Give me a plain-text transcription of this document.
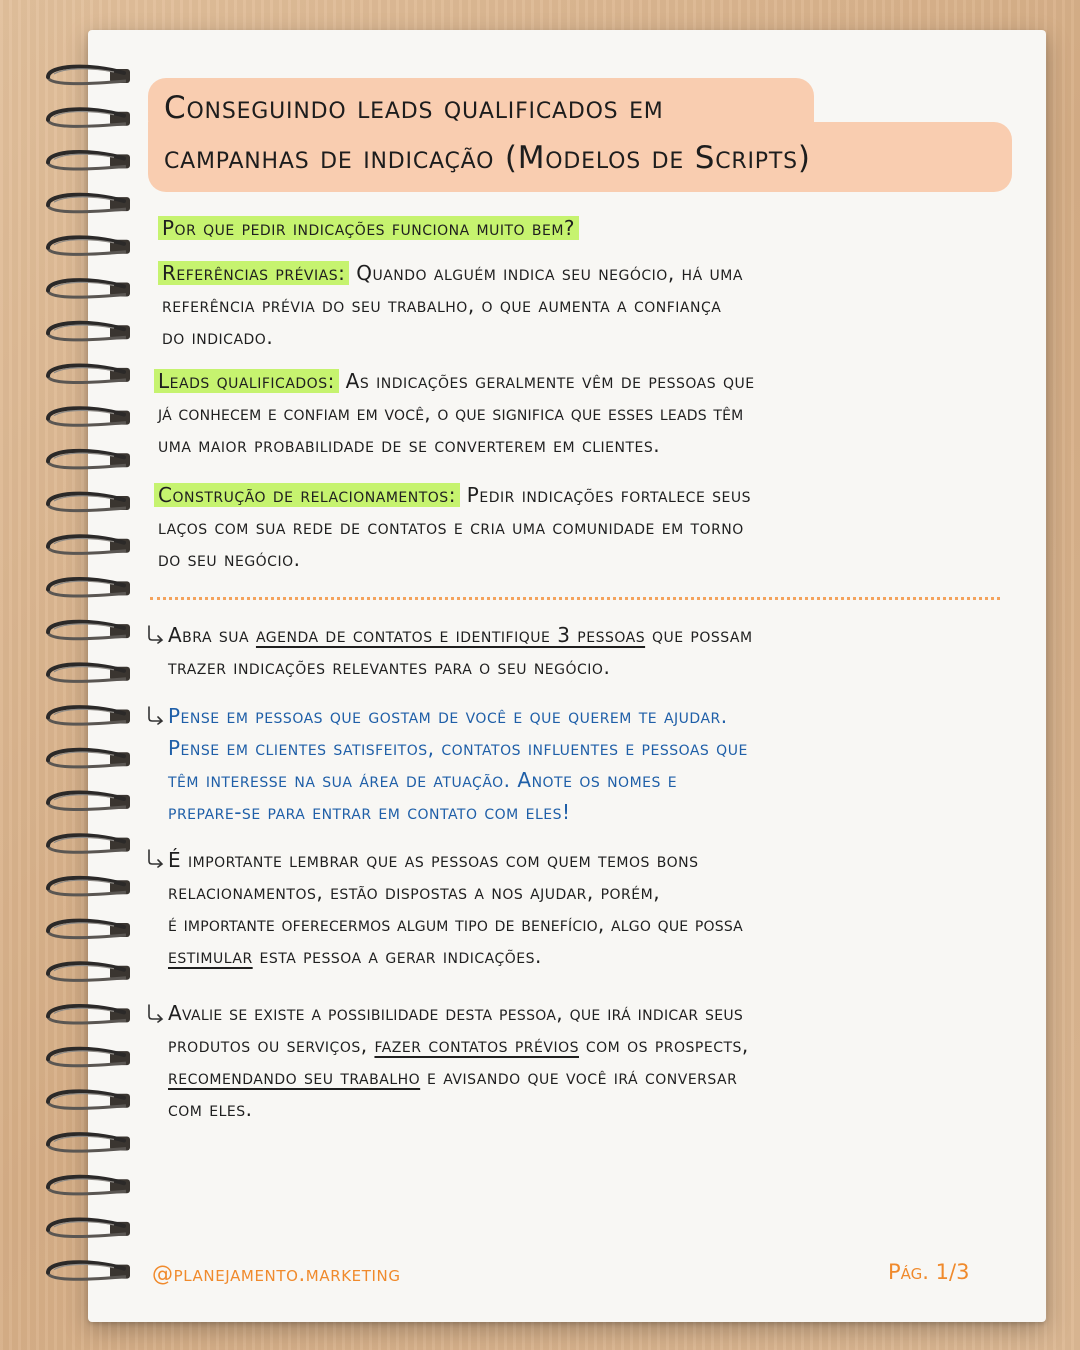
Conseguindo leads qualificados em
campanhas de indicação (Modelos de Scripts)
Por que pedir indicações funciona muito bem?
Referências prévias: Quando alguém indica seu negócio, há uma
referência prévia do seu trabalho, o que aumenta a confiança
do indicado.
Leads qualificados: As indicações geralmente vêm de pessoas que
já conhecem e confiam em você, o que significa que esses leads têm
uma maior probabilidade de se converterem em clientes.
Construção de relacionamentos: Pedir indicações fortalece seus
laços com sua rede de contatos e cria uma comunidade em torno
do seu negócio.
Abra sua agenda de contatos e identifique 3 pessoas que possam
trazer indicações relevantes para o seu negócio.
Pense em pessoas que gostam de você e que querem te ajudar.
Pense em clientes satisfeitos, contatos influentes e pessoas que
têm interesse na sua área de atuação. Anote os nomes e
prepare-se para entrar em contato com eles!
É importante lembrar que as pessoas com quem temos bons
relacionamentos, estão dispostas a nos ajudar, porém,
é importante oferecermos algum tipo de benefício, algo que possa
estimular esta pessoa a gerar indicações.
Avalie se existe a possibilidade desta pessoa, que irá indicar seus
produtos ou serviços, fazer contatos prévios com os prospects,
recomendando seu trabalho e avisando que você irá conversar
com eles.
@planejamento.marketing	Pág. 1/3
